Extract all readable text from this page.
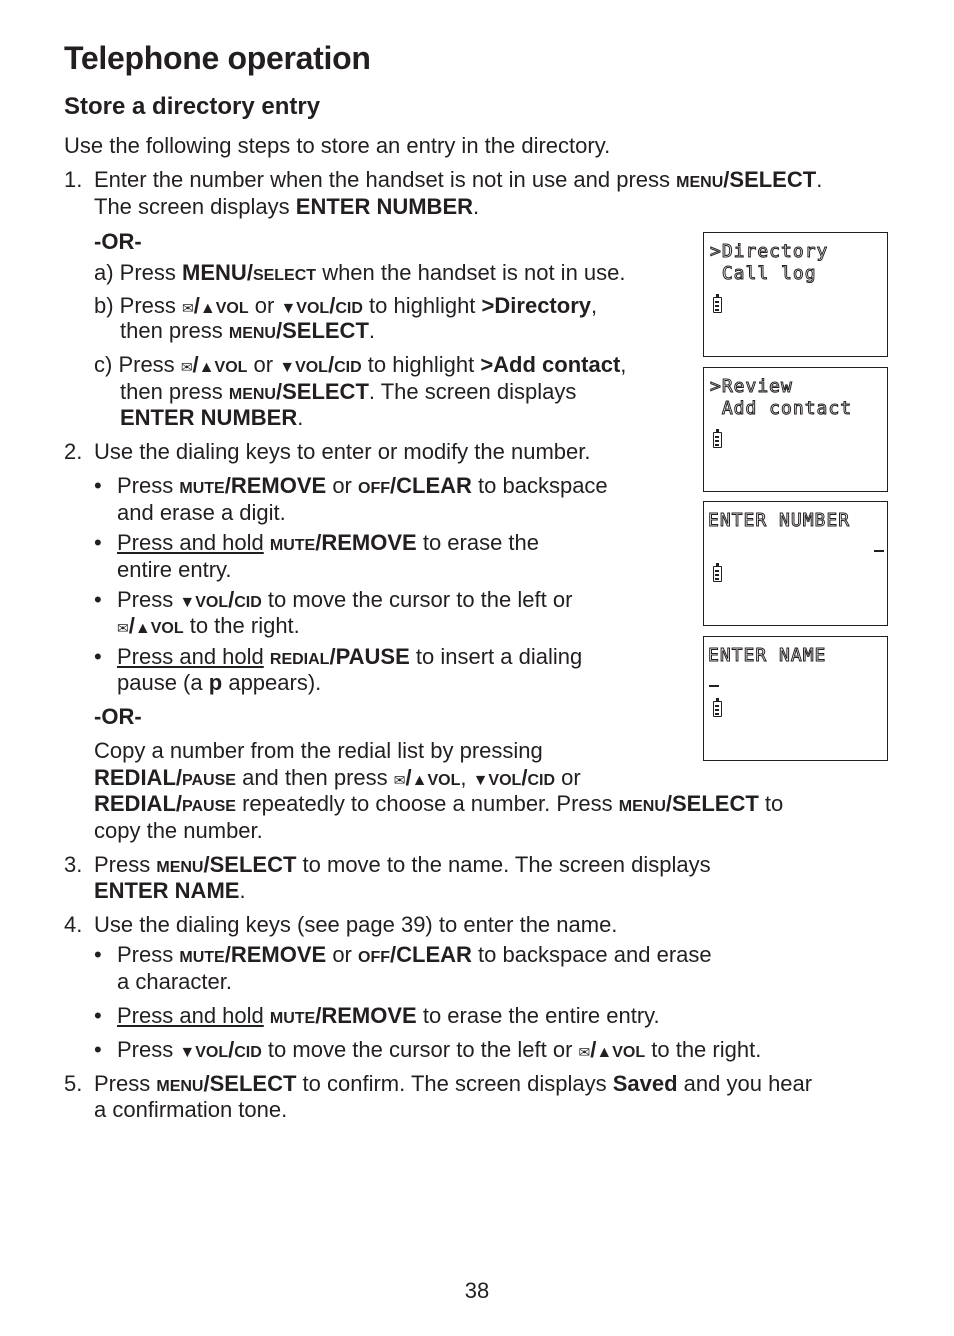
Telephone operation
Store a directory entry
Use the following steps to store an entry in the directory.
1. Enter the number when the handset is not in use and press MENU/SELECT.
The screen displays ENTER NUMBER.
-OR-
a) Press MENU/SELECT when the handset is not in use.
b) Press ✉/▲VOL or ▼VOL/CID to highlight >Directory,
then press MENU/SELECT.
c) Press ✉/▲VOL or ▼VOL/CID to highlight >Add contact,
then press MENU/SELECT. The screen displays
ENTER NUMBER.
2. Use the dialing keys to enter or modify the number.
• Press MUTE/REMOVE or OFF/CLEAR to backspace
and erase a digit.
• Press and hold MUTE/REMOVE to erase the
entire entry.
• Press ▼VOL/CID to move the cursor to the left or
✉/▲VOL to the right.
• Press and hold REDIAL/PAUSE to insert a dialing
pause (a p appears).
-OR-
Copy a number from the redial list by pressing
REDIAL/PAUSE and then press ✉/▲VOL, ▼VOL/CID or
REDIAL/PAUSE repeatedly to choose a number. Press MENU/SELECT to
copy the number.
3. Press MENU/SELECT to move to the name. The screen displays
ENTER NAME.
4. Use the dialing keys (see page 39) to enter the name.
• Press MUTE/REMOVE or OFF/CLEAR to backspace and erase
a character.
• Press and hold MUTE/REMOVE to erase the entire entry.
• Press ▼VOL/CID to move the cursor to the left or ✉/▲VOL to the right.
5. Press MENU/SELECT to confirm. The screen displays Saved and you hear
a confirmation tone.
>Directory
Call log
>Review
Add contact
ENTER NUMBER
ENTER NAME
38
